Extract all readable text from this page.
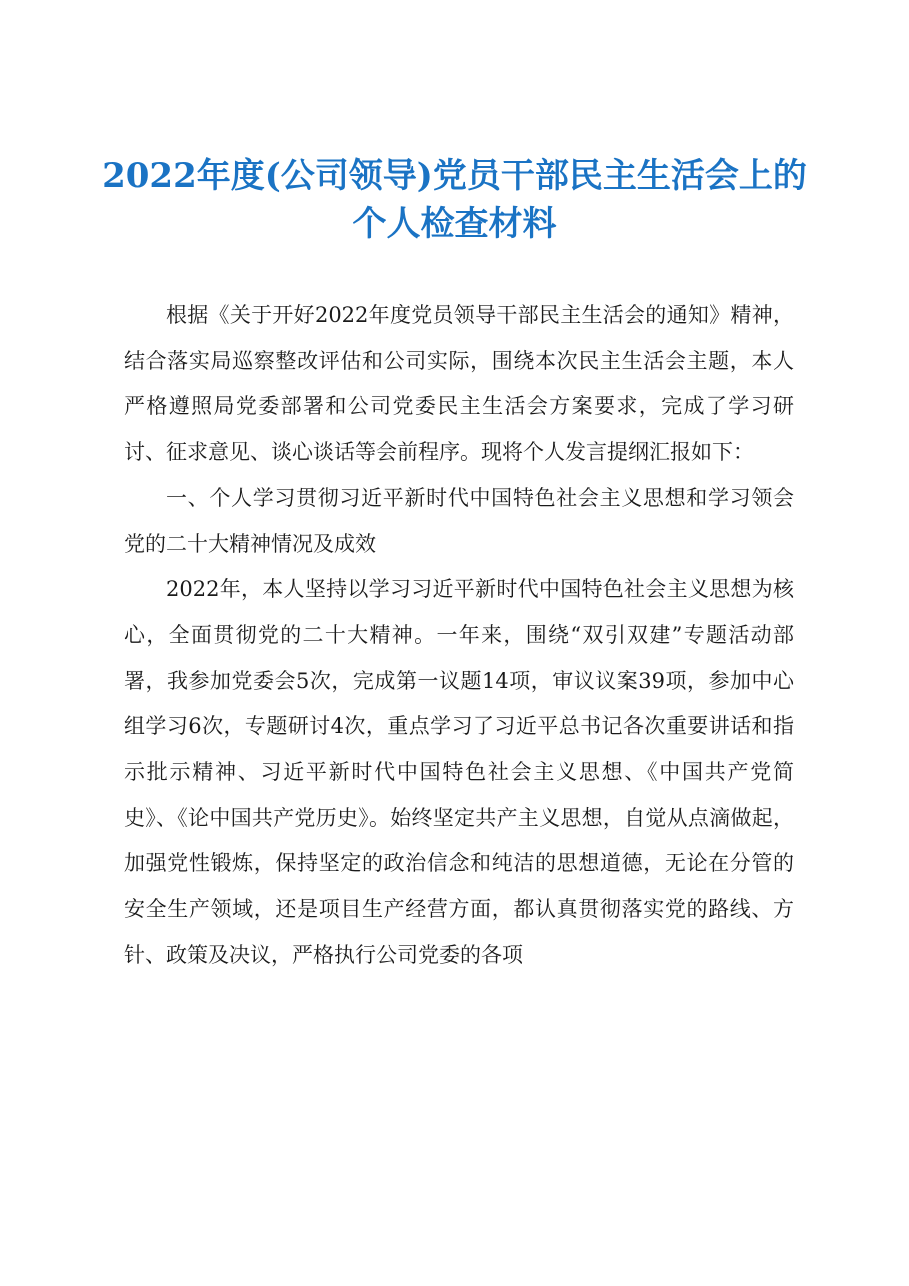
2022年度(公司领导)党员干部民主生活会上的
个人检查材料

根据《关于开好2022年度党员领导干部民主生活会的通知》精神，结合落实局巡察整改评估和公司实际，围绕本次民主生活会主题，本人严格遵照局党委部署和公司党委民主生活会方案要求，完成了学习研讨、征求意见、谈心谈话等会前程序。现将个人发言提纲汇报如下：

一、个人学习贯彻习近平新时代中国特色社会主义思想和学习领会党的二十大精神情况及成效

2022年，本人坚持以学习习近平新时代中国特色社会主义思想为核心，全面贯彻党的二十大精神。一年来，围绕“双引双建”专题活动部署，我参加党委会5次，完成第一议题14项，审议议案39项，参加中心组学习6次，专题研讨4次，重点学习了习近平总书记各次重要讲话和指示批示精神、习近平新时代中国特色社会主义思想、《中国共产党简史》、《论中国共产党历史》。始终坚定共产主义思想，自觉从点滴做起，加强党性锻炼，保持坚定的政治信念和纯洁的思想道德，无论在分管的安全生产领域，还是项目生产经营方面，都认真贯彻落实党的路线、方针、政策及决议，严格执行公司党委的各项
